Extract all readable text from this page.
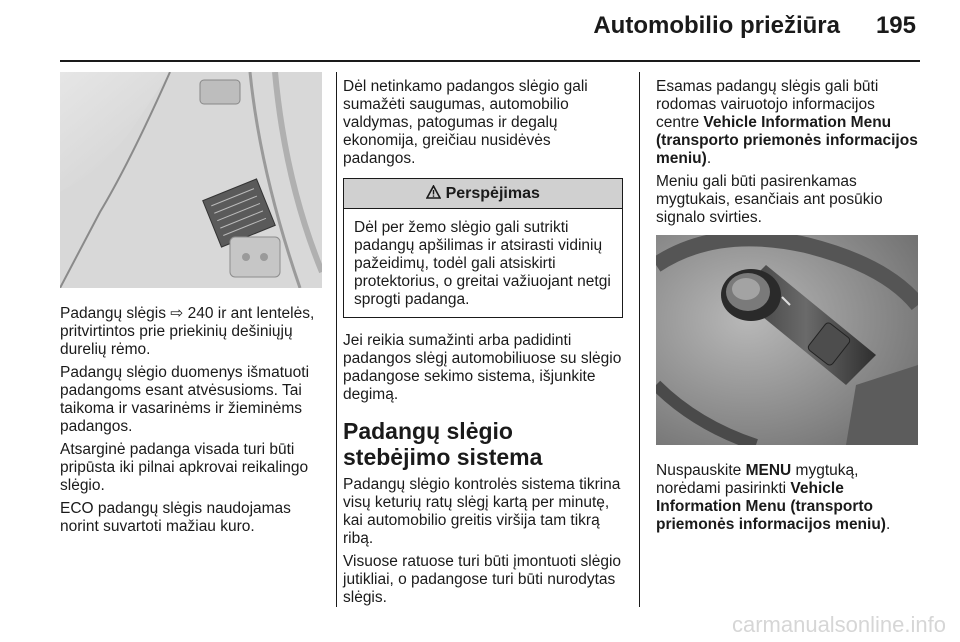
Automobilio priežiūra 195

Padangų slėgis ⇨ 240 ir ant lentelės, pritvirtintos prie priekinių dešiniųjų durelių rėmo.

Padangų slėgio duomenys išmatuoti padangoms esant atvėsusioms. Tai taikoma ir vasarinėms ir žieminėms padangos.

Atsarginė padanga visada turi būti pripūsta iki pilnai apkrovai reikalingo slėgio.

ECO padangų slėgis naudojamas norint suvartoti mažiau kuro.

Dėl netinkamo padangos slėgio gali sumažėti saugumas, automobilio valdymas, patogumas ir degalų ekonomija, greičiau nusidėvės padangos.

Perspėjimas
Dėl per žemo slėgio gali sutrikti padangų apšilimas ir atsirasti vidinių pažeidimų, todėl gali atsiskirti protektorius, o greitai važiuojant netgi sprogti padanga.

Jei reikia sumažinti arba padidinti padangos slėgį automobiliuose su slėgio padangose sekimo sistema, išjunkite degimą.

Padangų slėgio stebėjimo sistema

Padangų slėgio kontrolės sistema tikrina visų keturių ratų slėgį kartą per minutę, kai automobilio greitis viršija tam tikrą ribą.

Visuose ratuose turi būti įmontuoti slėgio jutikliai, o padangose turi būti nurodytas slėgis.

Esamas padangų slėgis gali būti rodomas vairuotojo informacijos centre Vehicle Information Menu (transporto priemonės informacijos meniu).

Meniu gali būti pasirenkamas mygtukais, esančiais ant posūkio signalo svirties.

Nuspauskite MENU mygtuką, norėdami pasirinkti Vehicle Information Menu (transporto priemonės informacijos meniu).

carmanualsonline.info
